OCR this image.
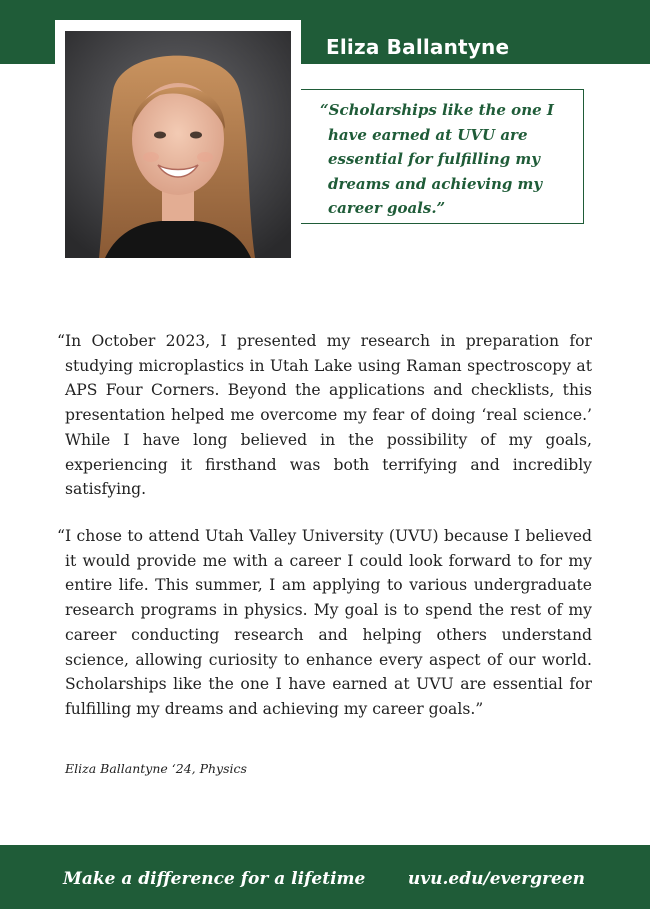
Eliza Ballantyne

“Scholarships like the one I have earned at UVU are essential for fulfilling my dreams and achieving my career goals.”

“In October 2023, I presented my research in preparation for studying microplastics in Utah Lake using Raman spectroscopy at APS Four Corners. Beyond the applications and checklists, this presentation helped me overcome my fear of doing ‘real science.’ While I have long believed in the possibility of my goals, experiencing it firsthand was both terrifying and incredibly satisfying.

“I chose to attend Utah Valley University (UVU) because I believed it would provide me with a career I could look forward to for my entire life. This summer, I am applying to various undergraduate research programs in physics. My goal is to spend the rest of my career conducting research and helping others understand science, allowing curiosity to enhance every aspect of our world. Scholarships like the one I have earned at UVU are essential for fulfilling my dreams and achieving my career goals.”

Eliza Ballantyne ‘24, Physics

Make a difference for a lifetime	uvu.edu/evergreen
